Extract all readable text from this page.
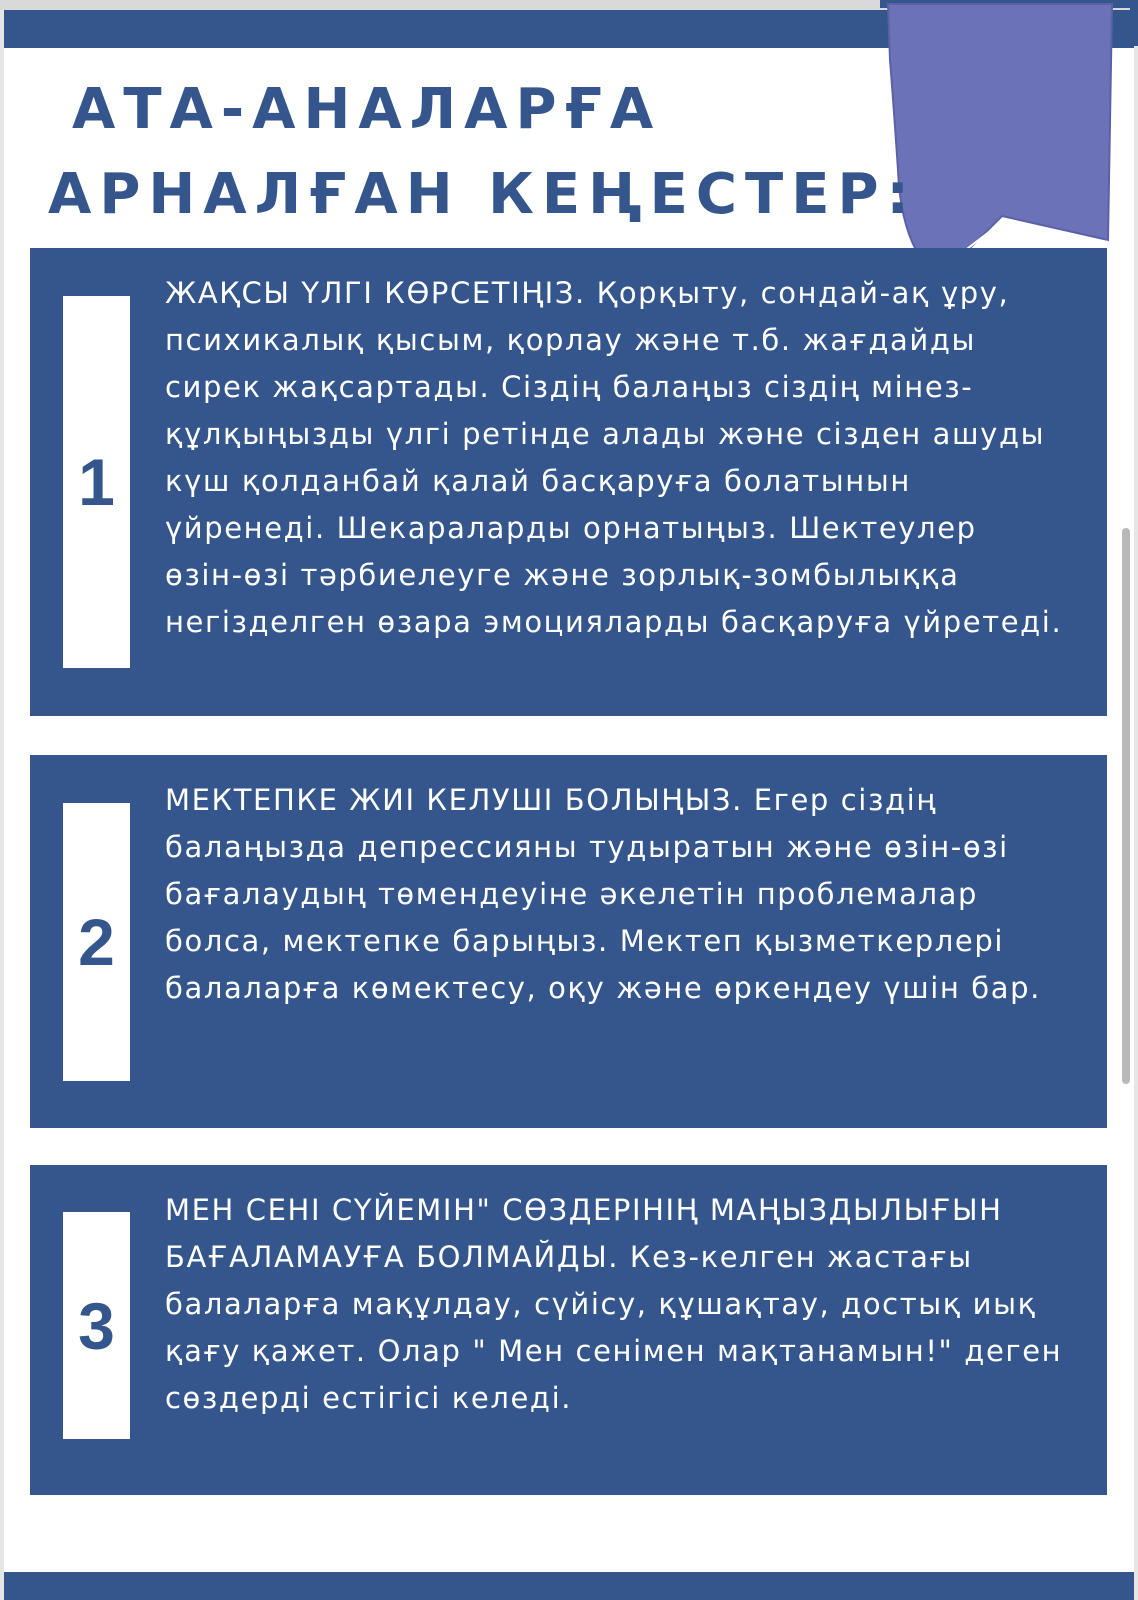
АТА-АНАЛАРҒА
АРНАЛҒАН КЕҢЕСТЕР:
1

ЖАҚСЫ ҮЛГІ КӨРСЕТІҢІЗ. Қорқыту, сондай-ақ ұру, психикалық қысым, қорлау және т.б. жағдайды сирек жақсартады. Сіздің балаңыз сіздің мінез-құлқыңызды үлгі ретінде алады және сізден ашуды күш қолданбай қалай басқаруға болатынын үйренеді. Шекараларды орнатыңыз. Шектеулер өзін-өзі тәрбиелеуге және зорлық-зомбылыққа негізделген өзара эмоцияларды басқаруға үйретеді.

2

МЕКТЕПКЕ ЖИІ КЕЛУШІ БОЛЫҢЫЗ. Егер сіздің балаңызда депрессияны тудыратын және өзін-өзі бағалаудың төмендеуіне әкелетін проблемалар болса, мектепке барыңыз. Мектеп қызметкерлері балаларға көмектесу, оқу және өркендеу үшін бар.

3

МЕН СЕНІ СҮЙЕМІН" СӨЗДЕРІНІҢ МАҢЫЗДЫЛЫҒЫН БАҒАЛАМАУҒА БОЛМАЙДЫ. Кез-келген жастағы балаларға мақұлдау, сүйісу, құшақтау, достық иық қағу қажет. Олар " Мен сенімен мақтанамын!" деген сөздерді естігісі келеді.
